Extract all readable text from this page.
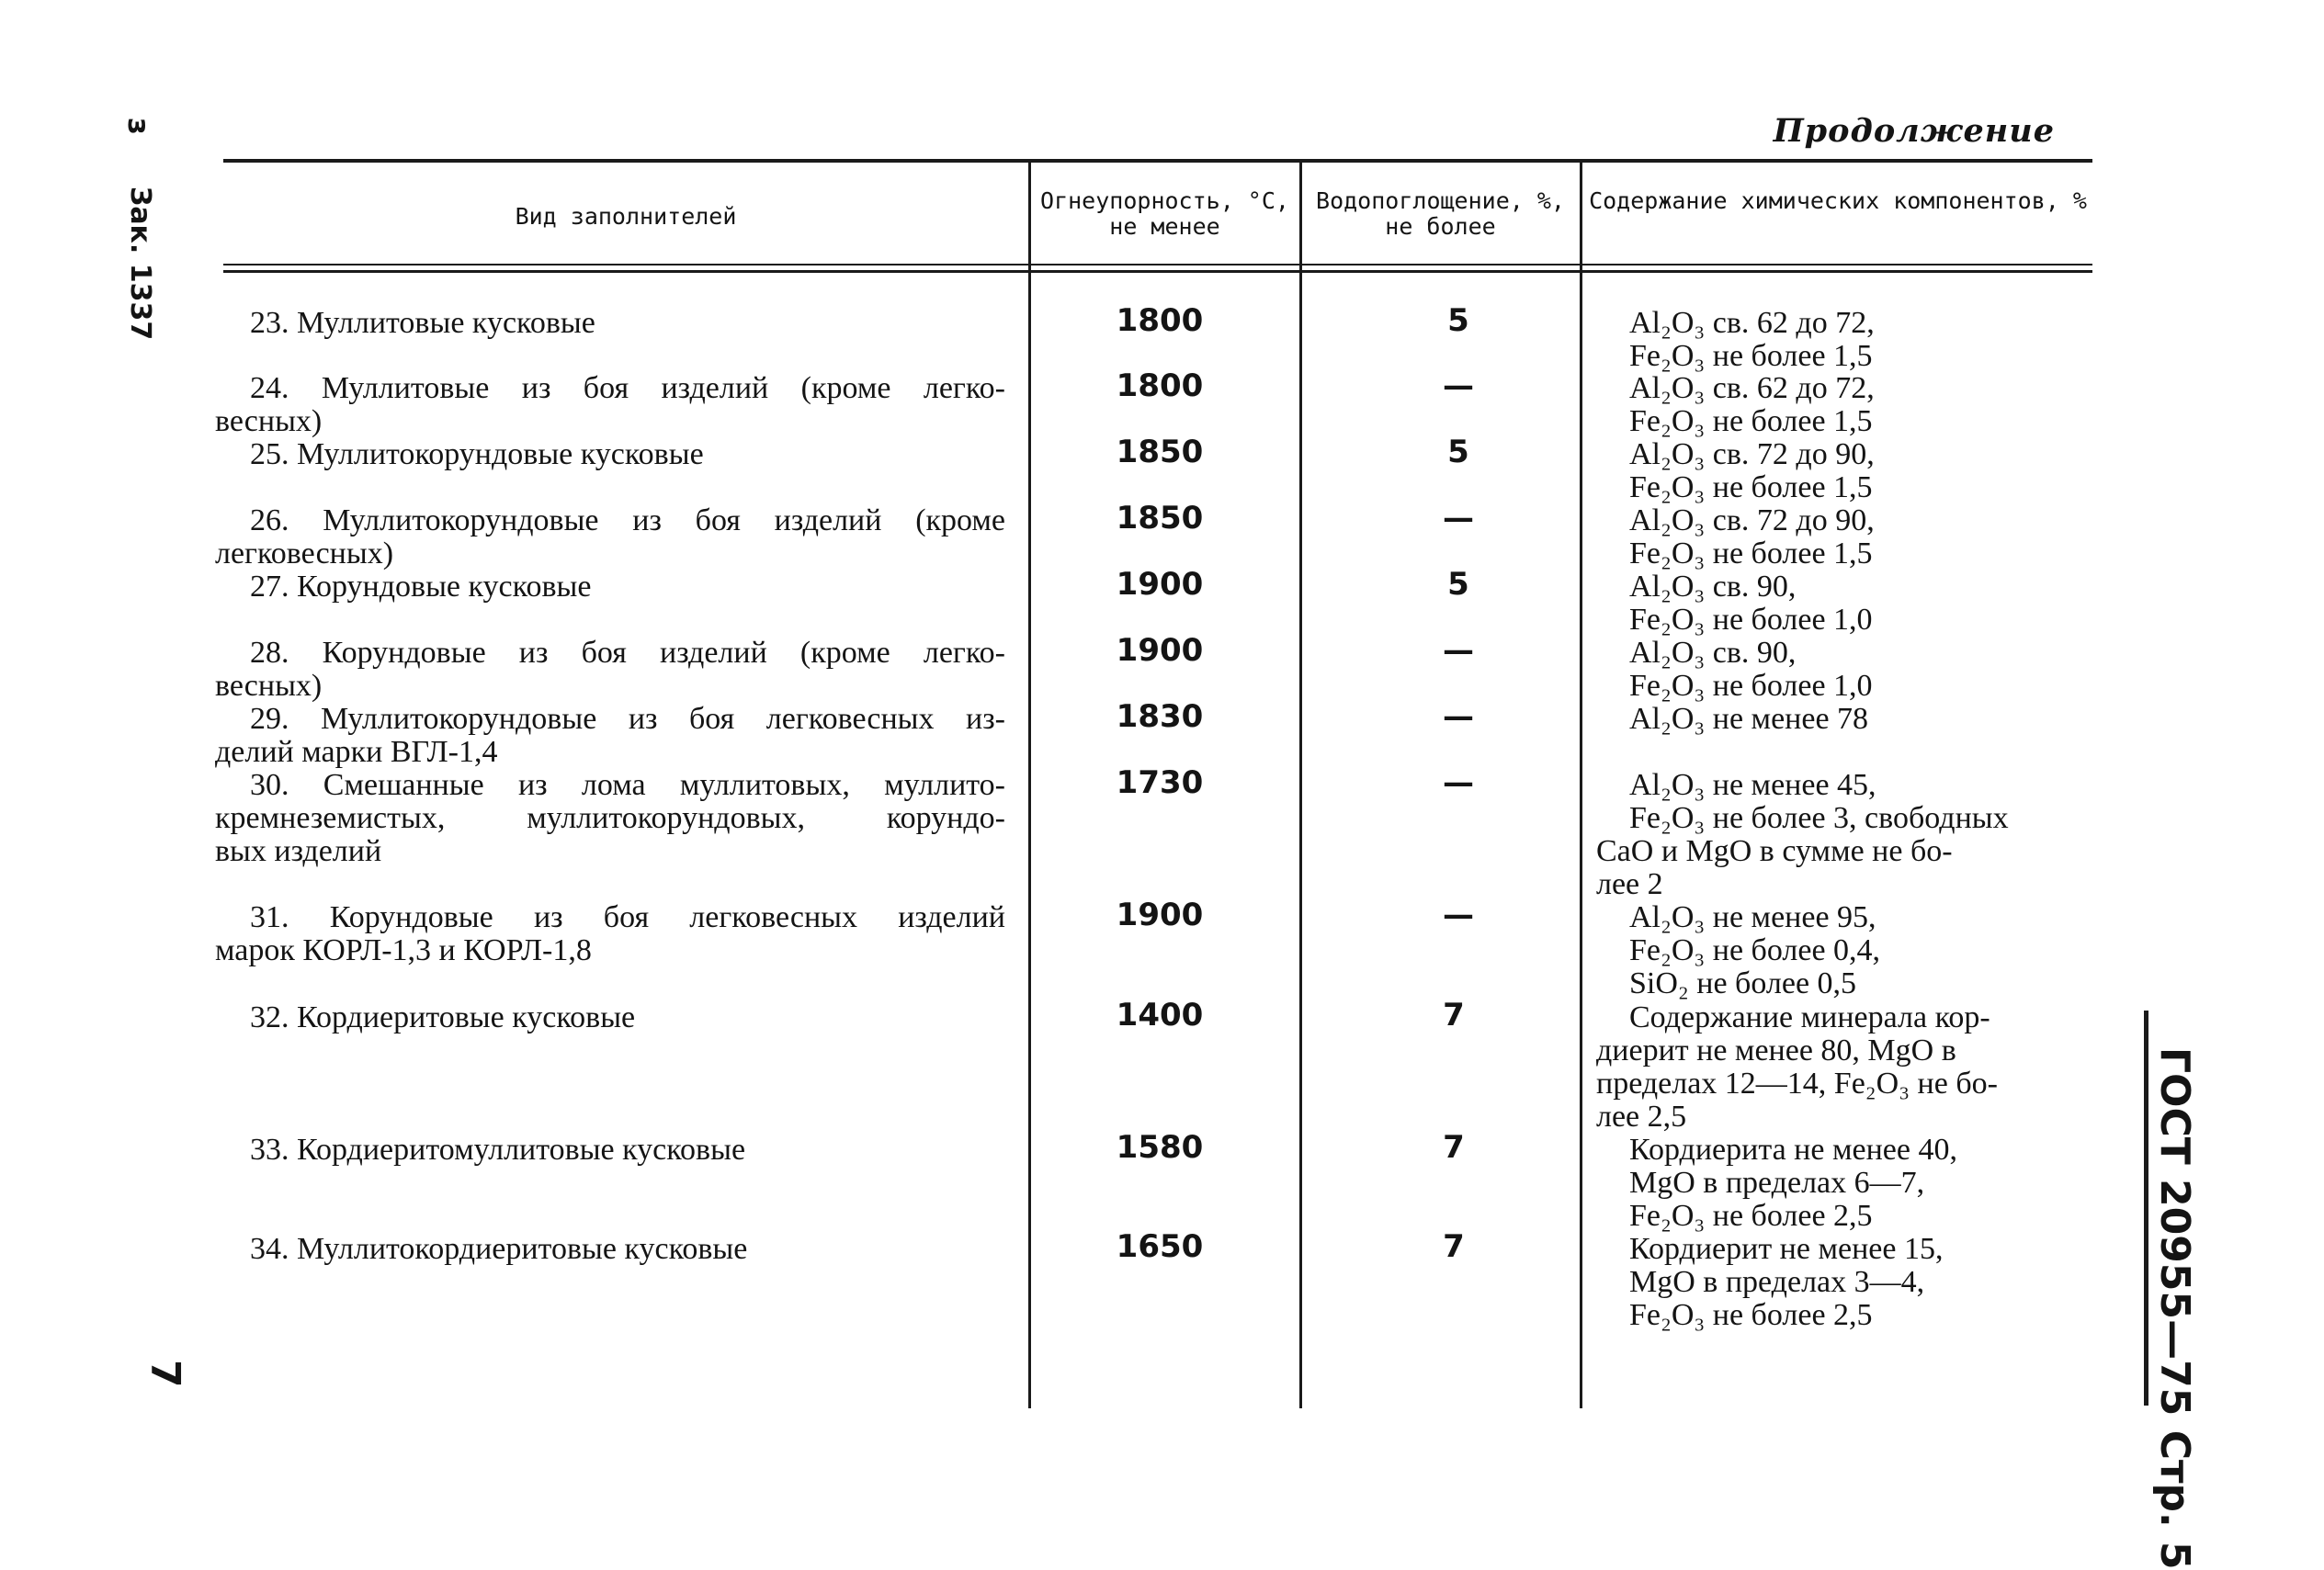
Продолжение
з
Зак. 1337
7	ГОСТ 20955—75 Стр. 5
Вид заполнителей
Огнеупорность, °С, не менее
Водопоглощение, %, не более
Содержание химических компонентов, %
23. Муллитовые кусковые	1800	5	Al₂O₃ св. 62 до 72,
Fe₂O₃ не более 1,5
24. Муллитовые из боя изделий (кроме легко-
весных)
1800	—	Al₂O₃ св. 62 до 72,
Fe₂O₃ не более 1,5
25. Муллитокорундовые кусковые	1850	5	Al₂O₃ св. 72 до 90,
Fe₂O₃ не более 1,5
26. Муллитокорундовые из боя изделий (кроме
легковесных)
1850	—	Al₂O₃ св. 72 до 90,
Fe₂O₃ не более 1,5
27. Корундовые кусковые	1900	5	Al₂O₃ св. 90,
Fe₂O₃ не более 1,0
28. Корундовые из боя изделий (кроме легко-
весных)
1900	—	Al₂O₃ св. 90,
Fe₂O₃ не более 1,0
29. Муллитокорундовые из боя легковесных из-
делий марки ВГЛ-1,4
1830	—	Al₂O₃ не менее 78
30. Смешанные из лома муллитовых, муллито-
кремнеземистых, муллитокорундовых, корундо-
вых изделий
1730	—	Al₂O₃ не менее 45,
Fe₂O₃ не более 3, свободных
CaO и MgO в сумме не бо-
лее 2
31. Корундовые из боя легковесных изделий
марок КОРЛ-1,3 и КОРЛ-1,8
1900	—	Al₂O₃ не менее 95,
Fe₂O₃ не более 0,4,
SiO₂ не более 0,5
32. Кордиеритовые кусковые	1400	7	Содержание минерала кор-
диерит не менее 80, MgO в
пределах 12—14, Fe₂O₃ не бо-
лее 2,5
33. Кордиеритомуллитовые кусковые	1580	7	Кордиерита не менее 40,
MgO в пределах 6—7,
Fe₂O₃ не более 2,5
34. Муллитокордиеритовые кусковые	1650	7	Кордиерит не менее 15,
MgO в пределах 3—4,
Fe₂O₃ не более 2,5
